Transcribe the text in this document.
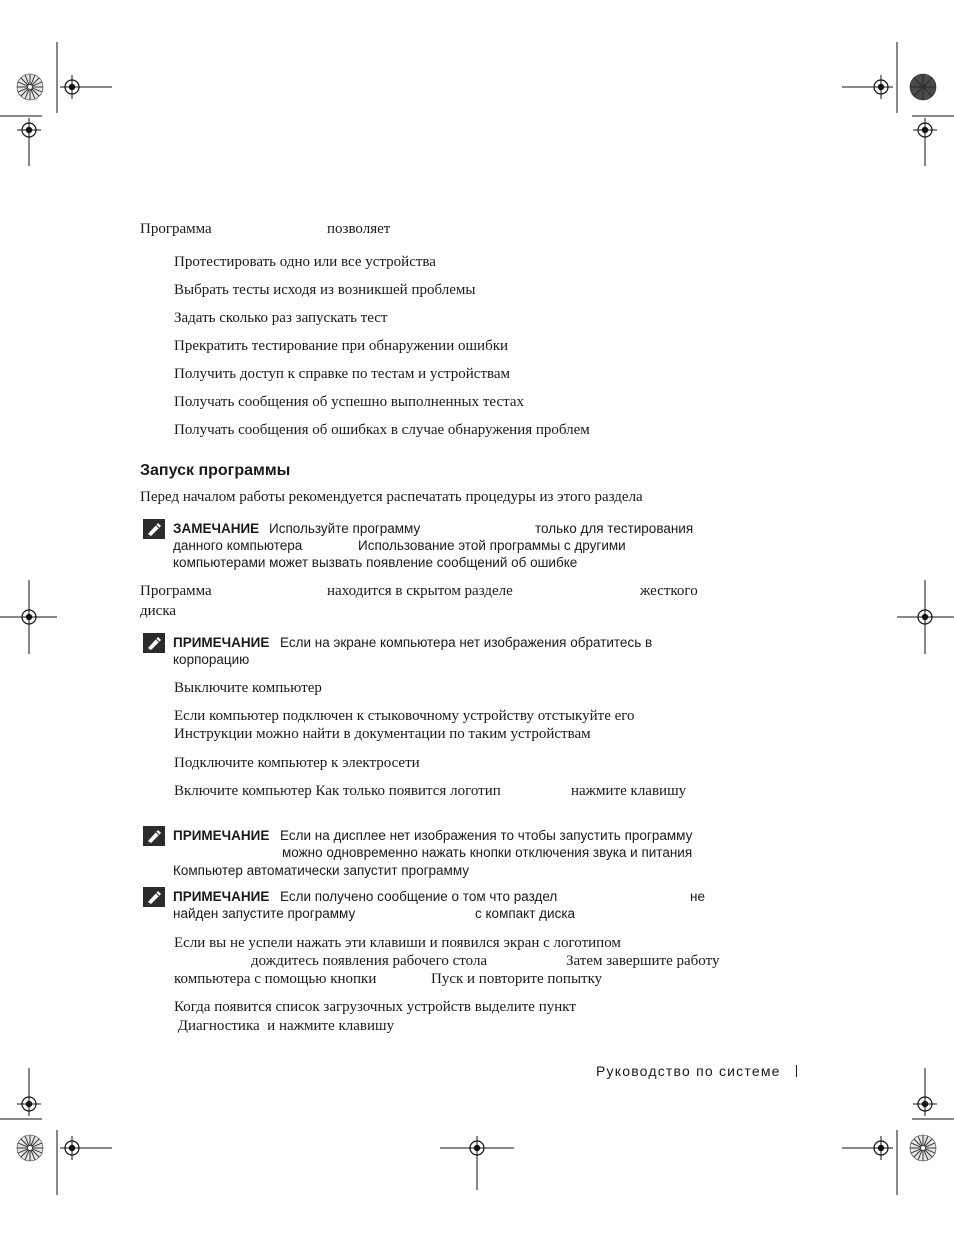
Программа	позволяет
Протестировать одно или все устройства
Выбрать тесты исходя из возникшей проблемы
Задать сколько раз запускать тест
Прекратить тестирование при обнаружении ошибки
Получить доступ к справке по тестам и устройствам
Получать сообщения об успешно выполненных тестах
Получать сообщения об ошибках в случае обнаружения проблем
Запуск программы
Перед началом работы рекомендуется распечатать процедуры из этого раздела
ЗАМЕЧАНИЕ Используйте программу	только для тестирования
данного компьютера	Использование этой программы с другими
компьютерами может вызвать появление сообщений об ошибке
Программа	находится в скрытом разделе	жесткого
диска
ПРИМЕЧАНИЕ Если на экране компьютера нет изображения обратитесь в
корпорацию
Выключите компьютер
Если компьютер подключен к стыковочному устройству отстыкуйте его
Инструкции можно найти в документации по таким устройствам
Подключите компьютер к электросети
Включите компьютер Как только появится логотип	нажмите клавишу
ПРИМЕЧАНИЕ Если на дисплее нет изображения то чтобы запустить программу
можно одновременно нажать кнопки отключения звука и питания
Компьютер автоматически запустит программу
ПРИМЕЧАНИЕ Если получено сообщение о том что раздел	не
найден запустите программу	с компакт диска
Если вы не успели нажать эти клавиши и появился экран с логотипом
дождитесь появления рабочего стола	Затем завершите работу
компьютера с помощью кнопки	Пуск и повторите попытку
Когда появится список загрузочных устройств выделите пункт
Диагностика  и нажмите клавишу
Руководство по системе
